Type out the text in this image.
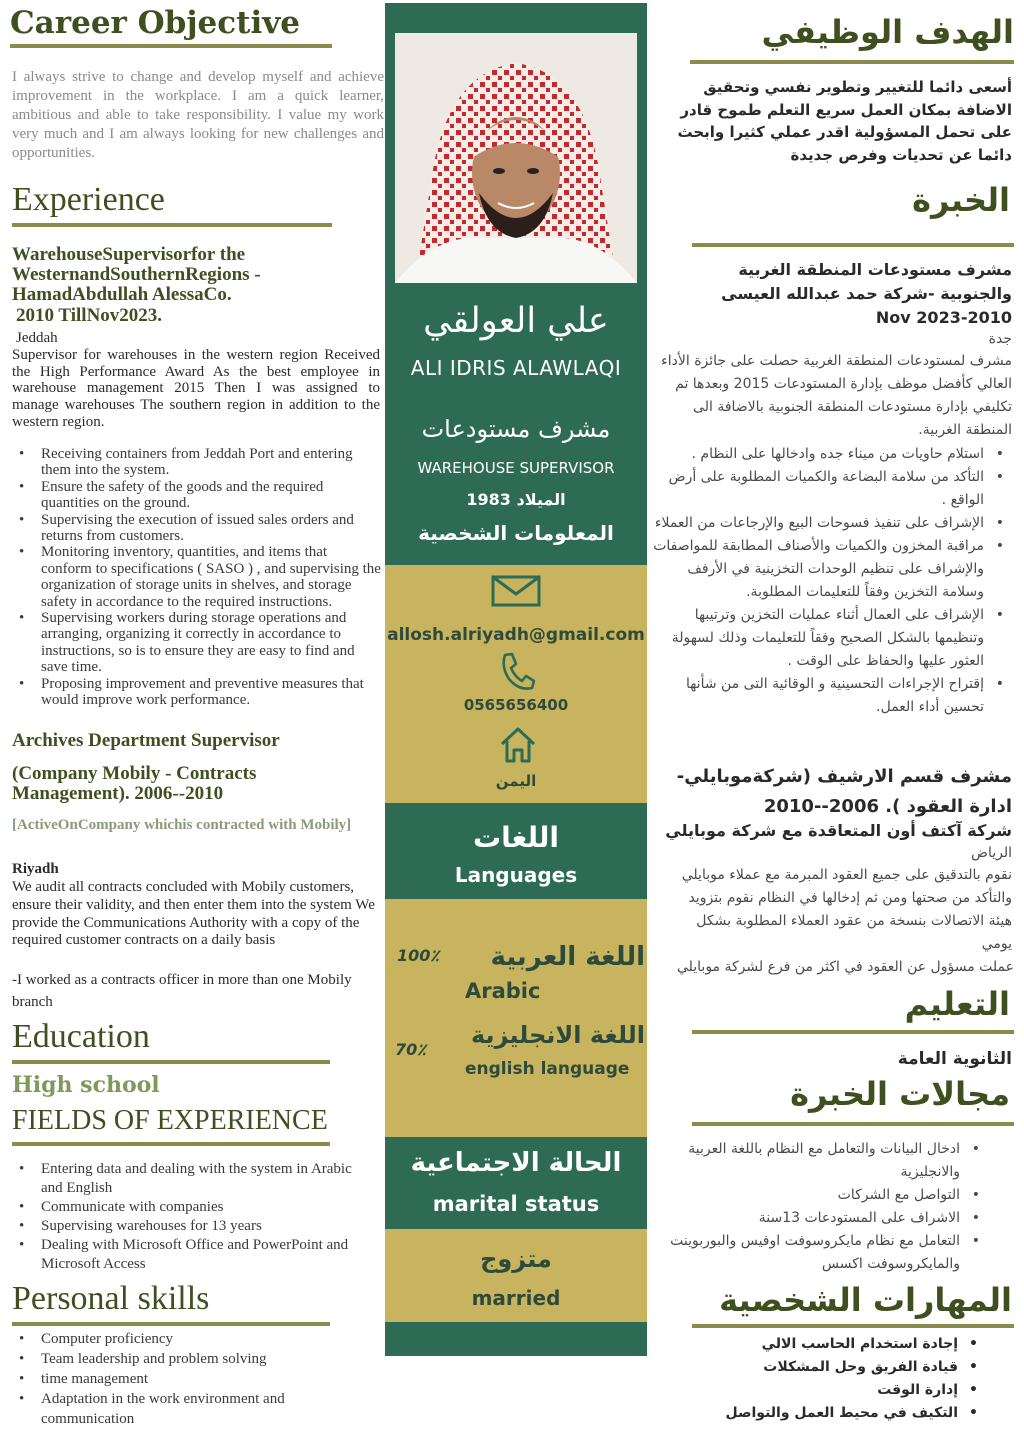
Career Objective
I always strive to change and develop myself and achieve improvement in the workplace. I am a quick learner, ambitious and able to take responsibility. I value my work very much and I am always looking for new challenges and opportunities.
Experience
WarehouseSupervisorfor the WesternandSouthernRegions - HamadAbdullah AlessaCo.
2010 TillNov2023.
Jeddah
Supervisor for warehouses in the western region Received the High Performance Award As the best employee in warehouse management 2015 Then I was assigned to manage warehouses The southern region in addition to the western region.
• Receiving containers from Jeddah Port and entering them into the system.
• Ensure the safety of the goods and the required quantities on the ground.
• Supervising the execution of issued sales orders and returns from customers.
• Monitoring inventory, quantities, and items that conform to specifications ( SASO ) , and supervising the organization of storage units in shelves, and storage safety in accordance to the required instructions.
• Supervising workers during storage operations and arranging, organizing it correctly in accordance to instructions, so is to ensure they are easy to find and save time.
• Proposing improvement and preventive measures that would improve work performance.
Archives Department Supervisor
(Company Mobily - Contracts Management). 2006--2010
[ActiveOnCompany whichis contracted with Mobily]
Riyadh
We audit all contracts concluded with Mobily customers, ensure their validity, and then enter them into the system We provide the Communications Authority with a copy of the required customer contracts on a daily basis
-I worked as a contracts officer in more than one Mobily branch
Education
High school
FIELDS OF EXPERIENCE
• Entering data and dealing with the system in Arabic and English
• Communicate with companies
• Supervising warehouses for 13 years
• Dealing with Microsoft Office and PowerPoint and Microsoft Access
Personal skills
• Computer proficiency
• Team leadership and problem solving
• time management
• Adaptation in the work environment and communication
علي العولقي
ALI IDRIS ALAWLAQI
مشرف مستودعات
WAREHOUSE SUPERVISOR
الميلاد 1983
المعلومات الشخصية
allosh.alriyadh@gmail.com
0565656400
اليمن
اللغات
Languages
100٪	اللغة العربية
Arabic
70٪
اللغة الانجليزية
english language
الحالة الاجتماعية
marital status
متزوج
married
الهدف الوظيفي
أسعى دائما للتغيير وتطوير نفسي وتحقيق الاضافة بمكان العمل سريع التعلم طموح قادر على تحمل المسؤولية اقدر عملي كثيرا وابحث دائما عن تحديات وفرص جديدة
الخبرة
مشرف مستودعات المنطقة الغربية والجنوبية -شركة حمد عبدالله العيسى 2010-2023 Nov
جدة
مشرف لمستودعات المنطقة الغربية حصلت على جائزة الأداء العالي كأفضل موظف بإدارة المستودعات 2015 وبعدها تم تكليفي بإدارة مستودعات المنطقة الجنوبية بالاضافة الى المنطقة الغربية.
• استلام حاويات من ميناء جده وادخالها على النظام .
• التأكد من سلامة البضاعة والكميات المطلوبة على أرض الواقع .
• الإشراف على تنفيذ فسوحات البيع والإرجاعات من العملاء
• مراقبة المخزون والكميات والأصناف المطابقة للمواصفات والإشراف على تنظيم الوحدات التخزينية في الأرفف وسلامة التخزين وفقاً للتعليمات المطلوبة.
• الإشراف على العمال أثناء عمليات التخزين وترتيبها وتنظيمها بالشكل الصحيح وفقاً للتعليمات وذلك لسهولة العثور عليها والحفاظ على الوقت .
• إقتراح الإجراءات التحسينية و الوقائية التى من شأنها تحسين أداء العمل.
مشرف قسم الارشيف (شركةموبايلي- ادارة العقود ). 2006--2010
شركة آكتف أون المتعاقدة مع شركة موبايلي
الرياض
نقوم بالتدقيق على جميع العقود المبرمة مع عملاء موبايلي والتأكد من صحتها ومن ثم إدخالها في النظام نقوم بتزويد هيئة الاتصالات بنسخة من عقود العملاء المطلوبة بشكل يومي
عملت مسؤول عن العقود في اكثر من فرع لشركة موبايلي
التعليم
الثانوية العامة
مجالات الخبرة
• ادخال البيانات والتعامل مع النظام باللغة العربية والانجليزية
• التواصل مع الشركات
• الاشراف على المستودعات 13سنة
• التعامل مع نظام مايكروسوفت اوفيس والبوربوينت والمايكروسوفت اكسس
المهارات الشخصية
• إجادة استخدام الحاسب الالي
• قيادة الفريق وحل المشكلات
• إدارة الوقت
• التكيف في محيط العمل والتواصل
